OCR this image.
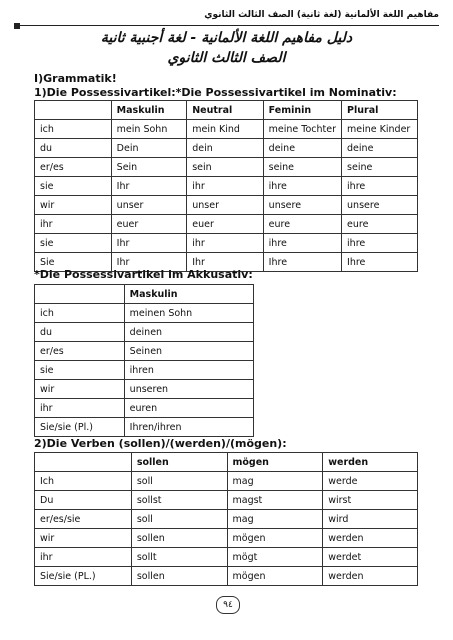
مفاهيم اللغة الألمانية (لغة ثانية) الصف الثالث الثانوي
دليل مفاهيم اللغة الألمانية - لغة أجنبية ثانية
الصف الثالث الثانوي
I)Grammatik!
1)Die Possessivartikel:*Die Possessivartikel im Nominativ:
	Maskulin	Neutral	Feminin	Plural
ich	mein Sohn	mein Kind	meine Tochter	meine Kinder
du	Dein	dein	deine	deine
er/es	Sein	sein	seine	seine
sie	Ihr	ihr	ihre	ihre
wir	unser	unser	unsere	unsere
ihr	euer	euer	eure	eure
sie	Ihr	ihr	ihre	ihre
Sie	Ihr	Ihr	Ihre	Ihre
*Die Possessivartikel im Akkusativ:
	Maskulin
ich	meinen Sohn
du	deinen
er/es	Seinen
sie	ihren
wir	unseren
ihr	euren
Sie/sie (Pl.)	Ihren/ihren
2)Die Verben (sollen)/(werden)/(mögen):
	sollen	mögen	werden
Ich	soll	mag	werde
Du	sollst	magst	wirst
er/es/sie	soll	mag	wird
wir	sollen	mögen	werden
ihr	sollt	mögt	werdet
Sie/sie (PL.)	sollen	mögen	werden
٩٤
